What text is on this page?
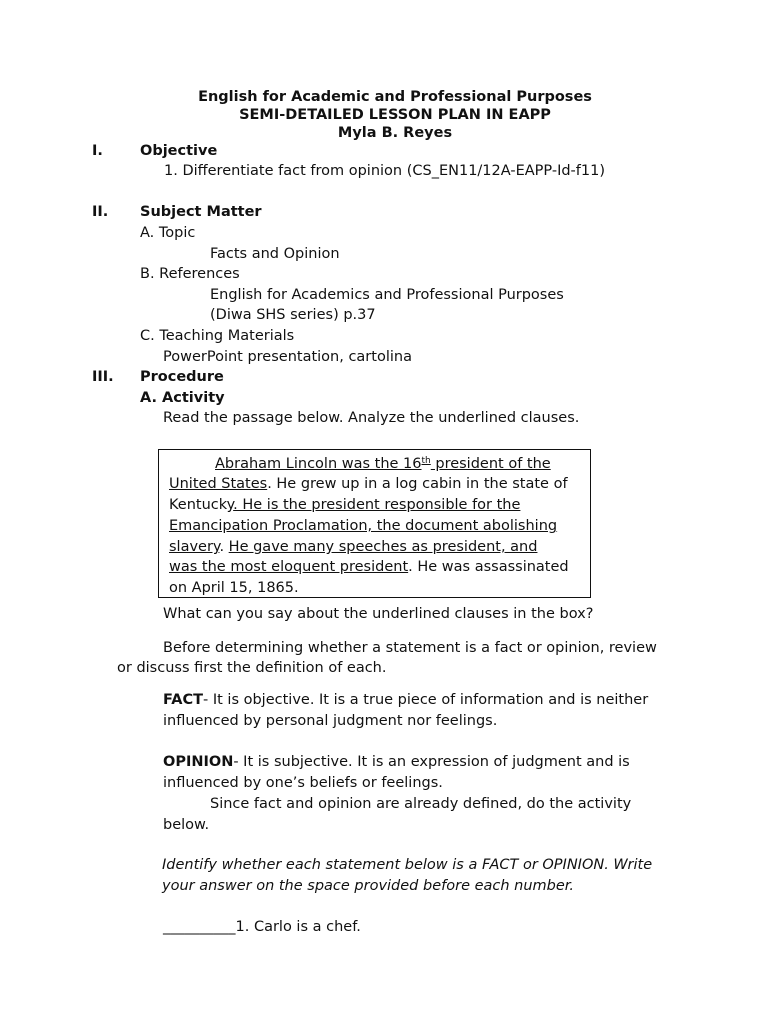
English for Academic and Professional Purposes
SEMI-DETAILED LESSON PLAN IN EAPP
Myla B. Reyes
I.	Objective
1. Differentiate fact from opinion (CS_EN11/12A-EAPP-Id-f11)
II. Subject Matter
A. Topic
Facts and Opinion
B. References
English for Academics and Professional Purposes
(Diwa SHS series) p.37
C. Teaching Materials
PowerPoint presentation, cartolina
III. Procedure
A. Activity
Read the passage below. Analyze the underlined clauses.
Abraham Lincoln was the 16th president of the
United States. He grew up in a log cabin in the state of
Kentucky. He is the president responsible for the
Emancipation Proclamation, the document abolishing
slavery. He gave many speeches as president, and
was the most eloquent president. He was assassinated
on April 15, 1865.
What can you say about the underlined clauses in the box?
Before determining whether a statement is a fact or opinion, review
or discuss first the definition of each.
FACT- It is objective. It is a true piece of information and is neither
influenced by personal judgment nor feelings.
OPINION- It is subjective. It is an expression of judgment and is
influenced by one’s beliefs or feelings.
Since fact and opinion are already defined, do the activity
below.
Identify whether each statement below is a FACT or OPINION. Write
your answer on the space provided before each number.
__________1. Carlo is a chef.
